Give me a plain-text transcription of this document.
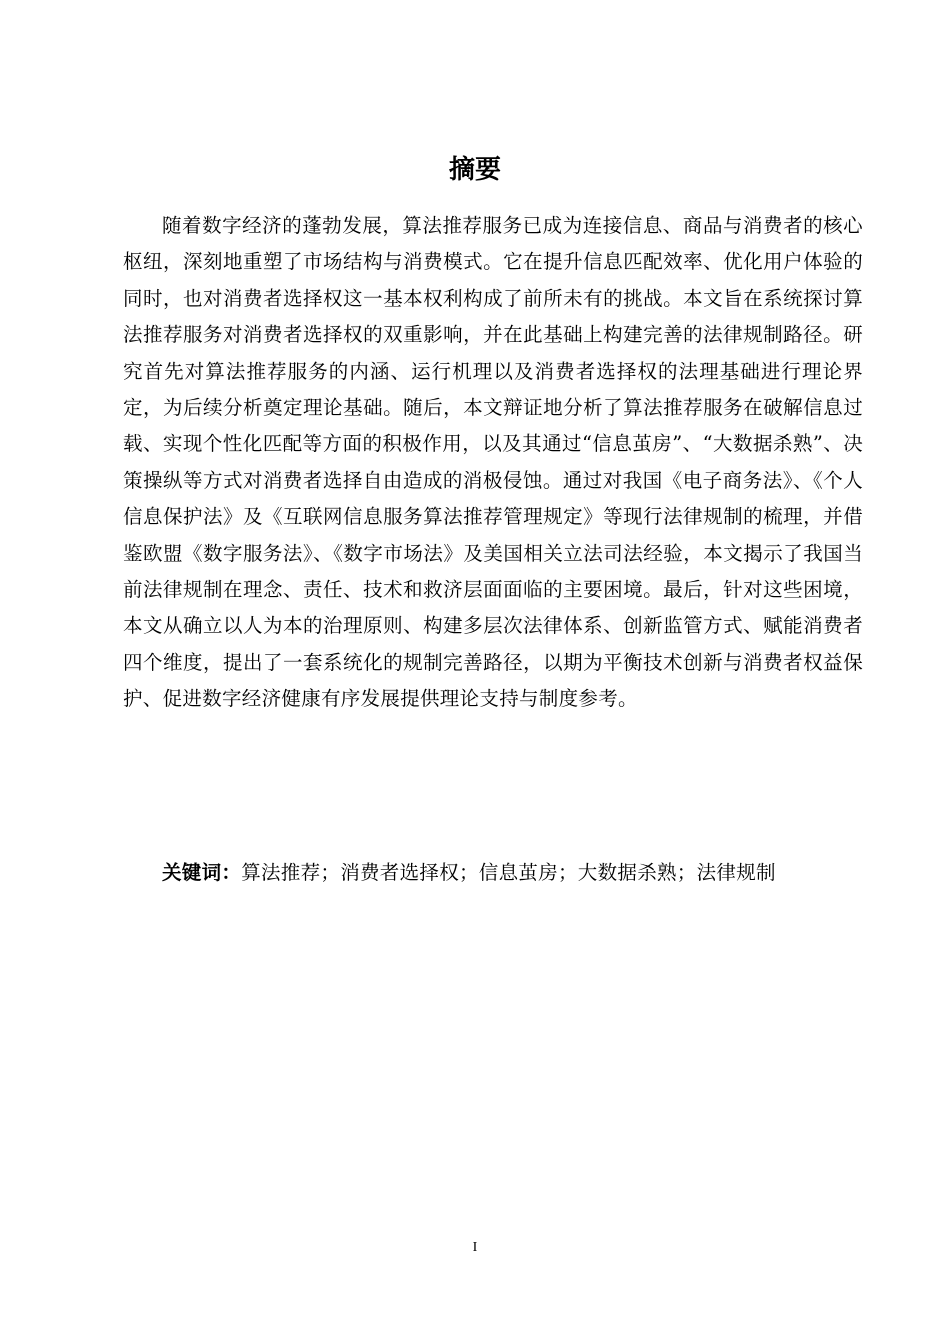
摘要

随着数字经济的蓬勃发展，算法推荐服务已成为连接信息、商品与消费者的核心枢纽，深刻地重塑了市场结构与消费模式。它在提升信息匹配效率、优化用户体验的同时，也对消费者选择权这一基本权利构成了前所未有的挑战。本文旨在系统探讨算法推荐服务对消费者选择权的双重影响，并在此基础上构建完善的法律规制路径。研究首先对算法推荐服务的内涵、运行机理以及消费者选择权的法理基础进行理论界定，为后续分析奠定理论基础。随后，本文辩证地分析了算法推荐服务在破解信息过载、实现个性化匹配等方面的积极作用，以及其通过“信息茧房”、“大数据杀熟”、决策操纵等方式对消费者选择自由造成的消极侵蚀。通过对我国《电子商务法》、《个人信息保护法》及《互联网信息服务算法推荐管理规定》等现行法律规制的梳理，并借鉴欧盟《数字服务法》、《数字市场法》及美国相关立法司法经验，本文揭示了我国当前法律规制在理念、责任、技术和救济层面面临的主要困境。最后，针对这些困境，本文从确立以人为本的治理原则、构建多层次法律体系、创新监管方式、赋能消费者四个维度，提出了一套系统化的规制完善路径，以期为平衡技术创新与消费者权益保护、促进数字经济健康有序发展提供理论支持与制度参考。

关键词：算法推荐；消费者选择权；信息茧房；大数据杀熟；法律规制

I
